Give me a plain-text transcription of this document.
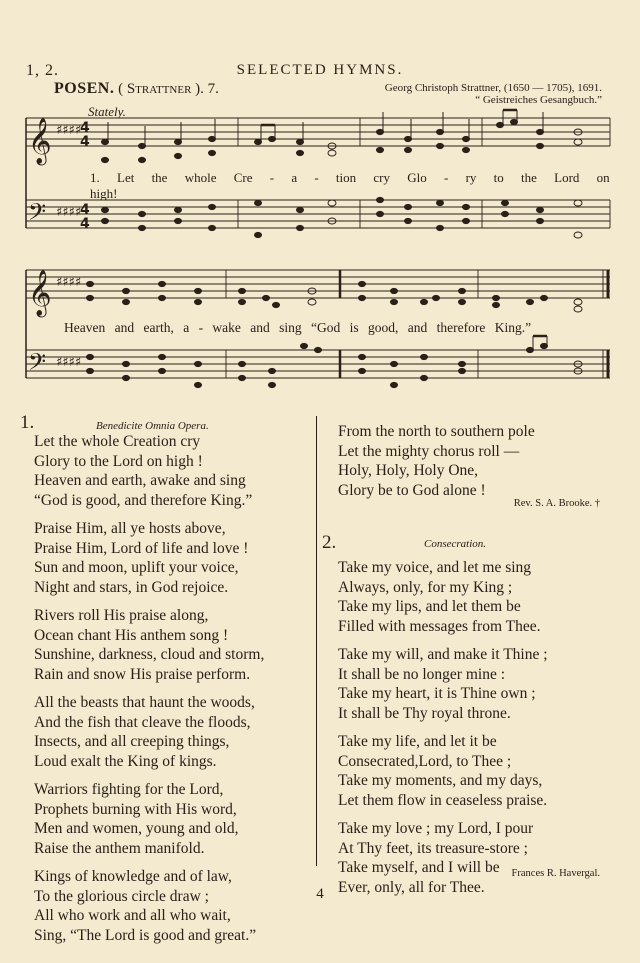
1, 2.	SELECTED HYMNS.
POSEN. ( Strattner ). 7.	Georg Christoph Strattner, (1650 — 1705), 1691.
“ Geistreiches Gesangbuch.”
Stately.
𝄞
𝄢
𝄞
𝄢
♯♯♯♯
♯♯♯♯
♯♯♯♯
♯♯♯♯
4
4
4
4
1. Let the whole Cre - a - tion cry Glo - ry to the Lord on high!
Heaven and earth, a - wake and sing “God is good, and therefore King.”
1.	Benedicite Omnia Opera.
Let the whole Creation cry
Glory to the Lord on high !
Heaven and earth, awake and sing
“God is good, and therefore King.”
Praise Him, all ye hosts above,
Praise Him, Lord of life and love !
Sun and moon, uplift your voice,
Night and stars, in God rejoice.
Rivers roll His praise along,
Ocean chant His anthem song !
Sunshine, darkness, cloud and storm,
Rain and snow His praise perform.
All the beasts that haunt the woods,
And the fish that cleave the floods,
Insects, and all creeping things,
Loud exalt the King of kings.
Warriors fighting for the Lord,
Prophets burning with His word,
Men and women, young and old,
Raise the anthem manifold.
Kings of knowledge and of law,
To the glorious circle draw ;
All who work and all who wait,
Sing, “The Lord is good and great.”
From the north to southern pole
Let the mighty chorus roll —
Holy, Holy, Holy One,
Glory be to God alone !
Rev. S. A. Brooke. †
2.	Consecration.
Take my voice, and let me sing
Always, only, for my King ;
Take my lips, and let them be
Filled with messages from Thee.
Take my will, and make it Thine ;
It shall be no longer mine :
Take my heart, it is Thine own ;
It shall be Thy royal throne.
Take my life, and let it be
Consecrated,Lord, to Thee ;
Take my moments, and my days,
Let them flow in ceaseless praise.
Take my love ; my Lord, I pour
At Thy feet, its treasure-store ;
Take myself, and I will be
Ever, only, all for Thee.
Frances R. Havergal.
4
